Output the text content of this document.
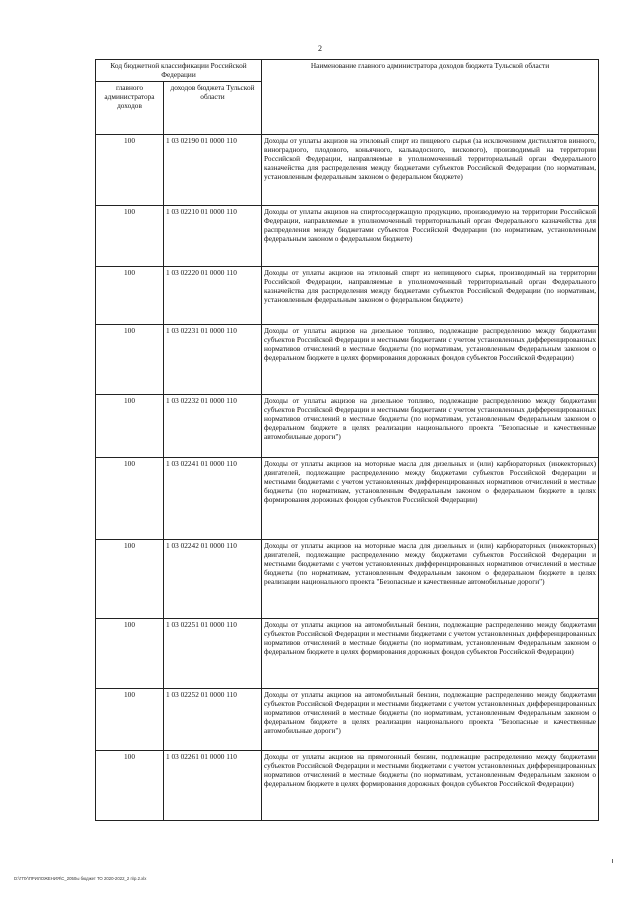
2
Код бюджетной классификации Российской Федерации		Наименование главного администратора доходов бюджета Тульской области
главного администратора доходов	доходов бюджета Тульской области	
100	1 03 02190 01 0000 110	Доходы от уплаты акцизов на этиловый спирт из пищевого сырья (за исключением дистиллятов винного, виноградного, плодового, коньячного, кальвадосного, вискового), производимый на территории Российской Федерации, направляемые в уполномоченный территориальный орган Федерального казначейства для распределения между бюджетами субъектов Российской Федерации (по нормативам, установленным федеральным законом о федеральном бюджете)
100	1 03 02210 01 0000 110	Доходы от уплаты акцизов на спиртосодержащую продукцию, производимую на территории Российской Федерации, направляемые в уполномоченный территориальный орган Федерального казначейства для распределения между бюджетами субъектов Российской Федерации (по нормативам, установленным федеральным законом о федеральном бюджете)
100	1 03 02220 01 0000 110	Доходы от уплаты акцизов на этиловый спирт из непищевого сырья, производимый на территории Российской Федерации, направляемые в уполномоченный территориальный орган Федерального казначейства для распределения между бюджетами субъектов Российской Федерации (по нормативам, установленным федеральным законом о федеральном бюджете)
100	1 03 02231 01 0000 110	Доходы от уплаты акцизов на дизельное топливо, подлежащие распределению между бюджетами субъектов Российской Федерации и местными бюджетами с учетом установленных дифференцированных нормативов отчислений в местные бюджеты (по нормативам, установленным Федеральным законом о федеральном бюджете в целях формирования дорожных фондов субъектов Российской Федерации)
100	1 03 02232 01 0000 110	Доходы от уплаты акцизов на дизельное топливо, подлежащие распределению между бюджетами субъектов Российской Федерации и местными бюджетами с учетом установленных дифференцированных нормативов отчислений в местные бюджеты (по нормативам, установленным Федеральным законом о федеральном бюджете в целях реализации национального проекта "Безопасные и качественные автомобильные дороги")
100	1 03 02241 01 0000 110	Доходы от уплаты акцизов на моторные масла для дизельных и (или) карбюраторных (инжекторных) двигателей, подлежащие распределению между бюджетами субъектов Российской Федерации и местными бюджетами с учетом установленных дифференцированных нормативов отчислений в местные бюджеты (по нормативам, установленным Федеральным законом о федеральном бюджете в целях формирования дорожных фондов субъектов Российской Федерации)
100	1 03 02242 01 0000 110	Доходы от уплаты акцизов на моторные масла для дизельных и (или) карбюраторных (инжекторных) двигателей, подлежащие распределению между бюджетами субъектов Российской Федерации и местными бюджетами с учетом установленных дифференцированных нормативов отчислений в местные бюджеты (по нормативам, установленным Федеральным законом о федеральном бюджете в целях реализации национального проекта "Безопасные и качественные автомобильные дороги")
100	1 03 02251 01 0000 110	Доходы от уплаты акцизов на автомобильный бензин, подлежащие распределению между бюджетами субъектов Российской Федерации и местными бюджетами с учетом установленных дифференцированных нормативов отчислений в местные бюджеты (по нормативам, установленным Федеральным законом о федеральном бюджете в целях формирования дорожных фондов субъектов Российской Федерации)
100	1 03 02252 01 0000 110	Доходы от уплаты акцизов на автомобильный бензин, подлежащие распределению между бюджетами субъектов Российской Федерации и местными бюджетами с учетом установленных дифференцированных нормативов отчислений в местные бюджеты (по нормативам, установленным Федеральным законом о федеральном бюджете в целях реализации национального проекта "Безопасные и качественные автомобильные дороги")
100	1 03 02261 01 0000 110	Доходы от уплаты акцизов на прямогонный бензин, подлежащие распределению между бюджетами субъектов Российской Федерации и местными бюджетами с учетом установленных дифференцированных нормативов отчислений в местные бюджеты (по нормативам, установленным Федеральным законом о федеральном бюджете в целях формирования дорожных фондов субъектов Российской Федерации)
D:\ГПУ\ПРИЛОЖЕНИЯ\С_2050ы бюджет ТО 2020-2022_2 п\р.2.xlx
